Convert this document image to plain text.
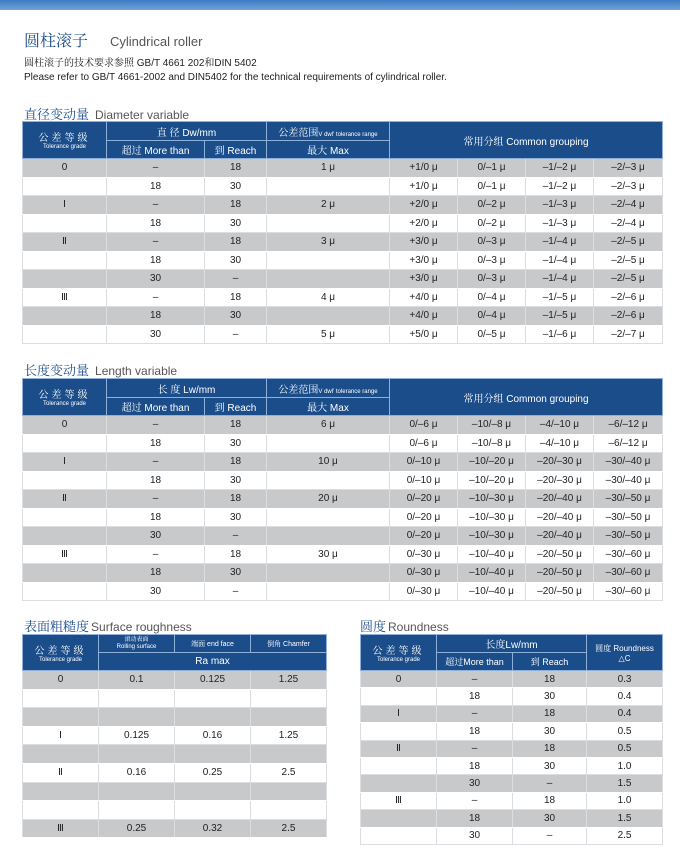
圆柱滚子 Cylindrical roller
圆柱滚子的技术要求参照 GB/T 4661 202和DIN 5402
Please refer to GB/T 4661-2002 and DIN5402 for the technical requirements of cylindrical roller.
直径变动量 Diameter variable
公差等级
Tolerance grade	直 径 Dw/mm		公差范围V dwl' tolerance range	常用分组 Common grouping			
	超过 More than	到 Reach	最大 Max				
0	–	18	1 μ	+1/0 μ	0/–1 μ	–1/–2 μ	–2/–3 μ
	18	30		+1/0 μ	0/–1 μ	–1/–2 μ	–2/–3 μ
Ⅰ	–	18	2 μ	+2/0 μ	0/–2 μ	–1/–3 μ	–2/–4 μ
	18	30		+2/0 μ	0/–2 μ	–1/–3 μ	–2/–4 μ
Ⅱ	–	18	3 μ	+3/0 μ	0/–3 μ	–1/–4 μ	–2/–5 μ
	18	30		+3/0 μ	0/–3 μ	–1/–4 μ	–2/–5 μ
	30	–		+3/0 μ	0/–3 μ	–1/–4 μ	–2/–5 μ
Ⅲ	–	18	4 μ	+4/0 μ	0/–4 μ	–1/–5 μ	–2/–6 μ
	18	30		+4/0 μ	0/–4 μ	–1/–5 μ	–2/–6 μ
	30	–	5 μ	+5/0 μ	0/–5 μ	–1/–6 μ	–2/–7 μ
长度变动量 Length variable
公差等级
Tolerance grade	长 度 Lw/mm		公差范围V dwl' tolerance range	常用分组 Common grouping			
	超过 More than	到 Reach	最大 Max				
0	–	18	6 μ	0/–6 μ	–10/–8 μ	–4/–10 μ	–6/–12 μ
	18	30		0/–6 μ	–10/–8 μ	–4/–10 μ	–6/–12 μ
Ⅰ	–	18	10 μ	0/–10 μ	–10/–20 μ	–20/–30 μ	–30/–40 μ
	18	30		0/–10 μ	–10/–20 μ	–20/–30 μ	–30/–40 μ
Ⅱ	–	18	20 μ	0/–20 μ	–10/–30 μ	–20/–40 μ	–30/–50 μ
	18	30		0/–20 μ	–10/–30 μ	–20/–40 μ	–30/–50 μ
	30	–		0/–20 μ	–10/–30 μ	–20/–40 μ	–30/–50 μ
Ⅲ	–	18	30 μ	0/–30 μ	–10/–40 μ	–20/–50 μ	–30/–60 μ
	18	30		0/–30 μ	–10/–40 μ	–20/–50 μ	–30/–60 μ
	30	–		0/–30 μ	–10/–40 μ	–20/–50 μ	–30/–60 μ
表面粗糙度 Surface roughness
公差等级
Tolerance grade	滚动表面
Rolling surface	端面 end face	倒角 Chamfer
	Ra max		
0	0.1	0.125	1.25

Ⅰ	0.125	0.16	1.25

Ⅱ	0.16	0.25	2.5

Ⅲ	0.25	0.32	2.5
圆度 Roundness
公差等级
Tolerance grade	长度Lw/mm		圆度 Roundness
△C
	超过More than	到 Reach	
0	–	18	0.3
	18	30	0.4
Ⅰ	–	18	0.4
	18	30	0.5
Ⅱ	–	18	0.5
	18	30	1.0
	30	–	1.5
Ⅲ	–	18	1.0
	18	30	1.5
	30	–	2.5
